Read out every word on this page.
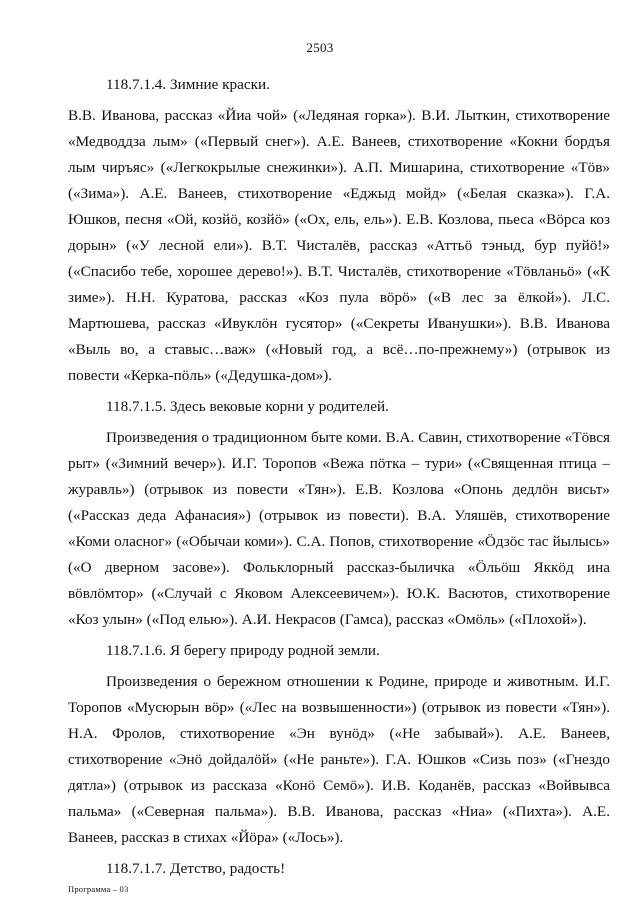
2503

118.7.1.4. Зимние краски.

В.В. Иванова, рассказ «Йиа чой» («Ледяная горка»). В.И. Лыткин, стихотворение «Медводдза лым» («Первый снег»). А.Е. Ванеев, стихотворение «Кокни бордъя лым чиръяс» («Легкокрылые снежинки»). А.П. Мишарина, стихотворение «Тӧв» («Зима»). А.Е. Ванеев, стихотворение «Еджыд мойд» («Белая сказка»). Г.А. Юшков, песня «Ой, козйӧ, козйӧ» («Ох, ель, ель»). Е.В. Козлова, пьеса «Вӧрса коз дорын» («У лесной ели»). В.Т. Чисталёв, рассказ «Аттьӧ тэныд, бур пуйӧ!» («Спасибо тебе, хорошее дерево!»). В.Т. Чисталёв, стихотворение «Тӧвланьӧ» («К зиме»). Н.Н. Куратова, рассказ «Коз пула вӧрӧ» («В лес за ёлкой»). Л.С. Мартюшева, рассказ «Ивуклӧн гусятор» («Секреты Иванушки»). В.В. Иванова «Выль во, а ставыс…важ» («Новый год, а всё…по-прежнему») (отрывок из повести «Керка-пӧль» («Дедушка-дом»).

118.7.1.5. Здесь вековые корни у родителей.

Произведения о традиционном быте коми. В.А. Савин, стихотворение «Тӧвся рыт» («Зимний вечер»). И.Г. Торопов «Вежа пӧтка – тури» («Священная птица – журавль») (отрывок из повести «Тян»). Е.В. Козлова «Опонь дедлӧн висьт» («Рассказ деда Афанасия») (отрывок из повести). В.А. Уляшёв, стихотворение «Коми оласног» («Обычаи коми»). С.А. Попов, стихотворение «Ӧдзӧс тас йылысь» («О дверном засове»). Фольклорный рассказ-быличка «Ӧльӧш Яккӧд ина вӧвлӧмтор» («Случай с Яковом Алексеевичем»). Ю.К. Васютов, стихотворение «Коз улын» («Под елью»). А.И. Некрасов (Гамса), рассказ «Омӧль» («Плохой»).

118.7.1.6. Я берегу природу родной земли.

Произведения о бережном отношении к Родине, природе и животным. И.Г. Торопов «Мусюрын вӧр» («Лес на возвышенности») (отрывок из повести «Тян»). Н.А. Фролов, стихотворение «Эн вунӧд» («Не забывай»). А.Е. Ванеев, стихотворение «Энӧ дойдалӧй» («Не раньте»). Г.А. Юшков «Сизь поз» («Гнездо дятла») (отрывок из рассказа «Конӧ Семӧ»). И.В. Коданёв, рассказ «Войвывса пальма» («Северная пальма»). В.В. Иванова, рассказ «Ниа» («Пихта»). А.Е. Ванеев, рассказ в стихах «Йӧра» («Лось»).

118.7.1.7. Детство, радость!

Программа – 03
